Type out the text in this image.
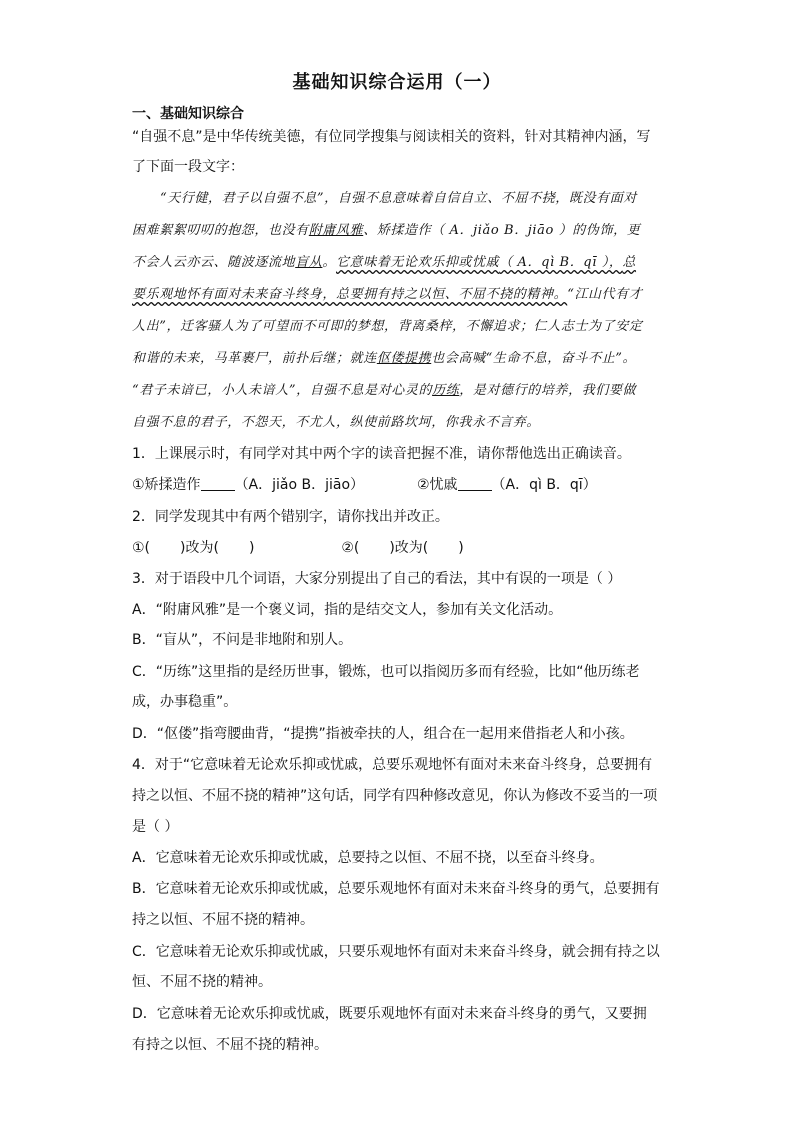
基础知识综合运用（一）
一、基础知识综合
“自强不息”是中华传统美德，有位同学搜集与阅读相关的资料，针对其精神内涵，写
了下面一段文字：
“天行健，君子以自强不息”，自强不息意味着自信自立、不屈不挠，既没有面对
困难絮絮叨叨的抱怨，也没有附庸风雅、矫揉造作（ A．jiǎo B．jiāo ）的伪饰，更
不会人云亦云、随波逐流地盲从。它意味着无论欢乐抑或忧戚（ A．qì B．qī ），总
要乐观地怀有面对未来奋斗终身，总要拥有持之以恒、不屈不挠的精神。“江山代有才
人出”，迁客骚人为了可望而不可即的梦想，背离桑梓，不懈追求；仁人志士为了安定
和谐的未来，马革裹尸，前扑后继；就连伛偻提携也会高喊“生命不息，奋斗不止”。
“君子未谙已，小人未谙人”，自强不息是对心灵的历练，是对德行的培养，我们要做
自强不息的君子，不怨天，不尤人，纵使前路坎坷，你我永不言弃。
1．上课展示时，有同学对其中两个字的读音把握不准，请你帮他选出正确读音。
①矫揉造作 （A．jiǎo B．jiāo）	②忧戚 （A．qì B．qī）
2．同学发现其中有两个错别字，请你找出并改正。
①( )改为( )	②( )改为( )
3．对于语段中几个词语，大家分别提出了自己的看法，其中有误的一项是（ ）
A．“附庸风雅”是一个褒义词，指的是结交文人，参加有关文化活动。
B．“盲从”，不问是非地附和别人。
C．“历练”这里指的是经历世事，锻炼，也可以指阅历多而有经验，比如“他历练老
成，办事稳重”。
D．“伛偻”指弯腰曲背，“提携”指被牵扶的人，组合在一起用来借指老人和小孩。
4．对于“它意味着无论欢乐抑或忧戚，总要乐观地怀有面对未来奋斗终身，总要拥有
持之以恒、不屈不挠的精神”这句话，同学有四种修改意见，你认为修改不妥当的一项
是（ ）
A．它意味着无论欢乐抑或忧戚，总要持之以恒、不屈不挠，以至奋斗终身。
B．它意味着无论欢乐抑或忧戚，总要乐观地怀有面对未来奋斗终身的勇气，总要拥有
持之以恒、不屈不挠的精神。
C．它意味着无论欢乐抑或忧戚，只要乐观地怀有面对未来奋斗终身，就会拥有持之以
恒、不屈不挠的精神。
D．它意味着无论欢乐抑或忧戚，既要乐观地怀有面对未来奋斗终身的勇气，又要拥
有持之以恒、不屈不挠的精神。
